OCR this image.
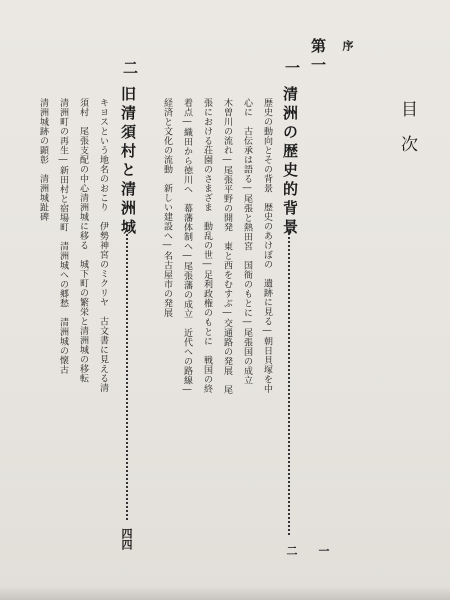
目次
序
第一
一
一
清洲の歴史的背景
二
歴史の動向とその背景　歴史のあけぼの　遺跡に見る―朝日貝塚を中
心に　古伝承は語る―尾張と熱田宮　国衙のもとに―尾張国の成立
木曽川の流れ―尾張平野の開発　東と西をむすぶ―交通路の発展　尾
張における荘園のさまざま　動乱の世―足利政権のもとに　戦国の終
着点―織田から徳川へ　幕藩体制へ―尾張藩の成立　近代への路線―
経済と文化の流動　新しい建設へ―名古屋市の発展
二
旧清須村と清洲城
四四
キヨスという地名のおこり　伊勢神宮のミクリヤ　古文書に見える清
須村　尾張支配の中心清洲城に移る　城下町の繁栄と清洲城の移転
清洲町の再生―新田村と宿場町　清洲城への郷愁　清洲城の懐古
清洲城跡の顕彰　清洲城趾碑
